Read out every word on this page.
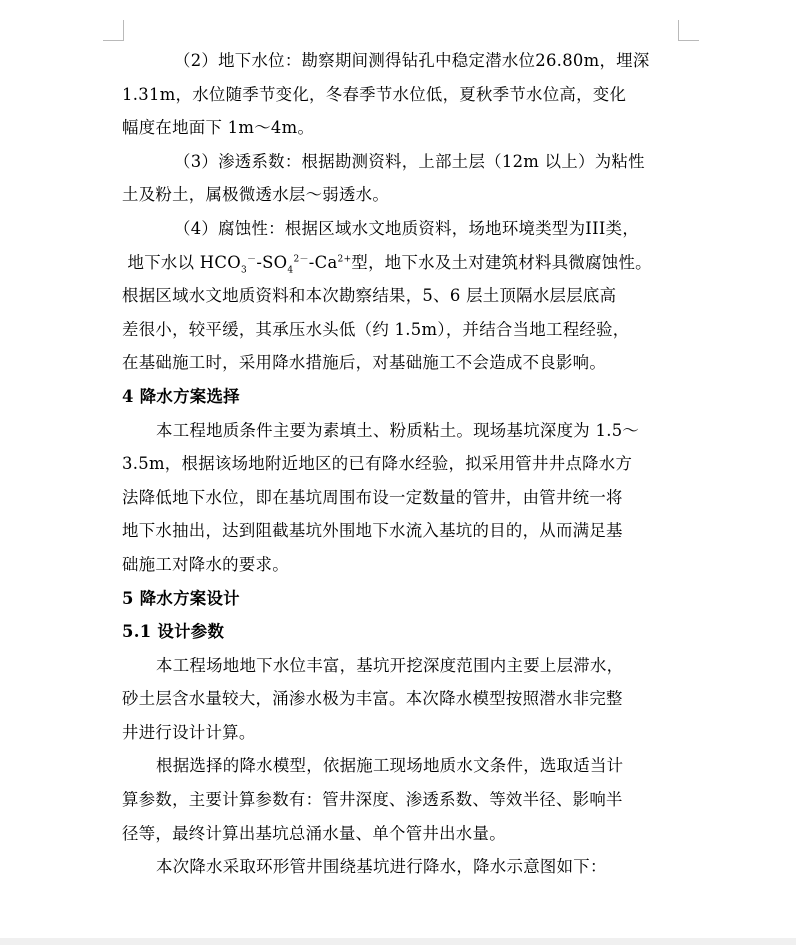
（2）地下水位：勘察期间测得钻孔中稳定潜水位26.80m，埋深

1.31m，水位随季节变化，冬春季节水位低，夏秋季节水位高，变化

幅度在地面下 1m～4m。

（3）渗透系数：根据勘测资料，上部土层（12m 以上）为粘性

土及粉土，属极微透水层～弱透水。

（4）腐蚀性：根据区域水文地质资料，场地环境类型为III类，

地下水以 $HCO_3^--SO_4^{2-}-Ca^{2+}$型，地下水及土对建筑材料具微腐蚀性。

根据区域水文地质资料和本次勘察结果，5、6 层土顶隔水层层底高

差很小，较平缓，其承压水头低（约 1.5m），并结合当地工程经验，

在基础施工时，采用降水措施后，对基础施工不会造成不良影响。

4 降水方案选择

本工程地质条件主要为素填土、粉质粘土。现场基坑深度为 1.5～

3.5m，根据该场地附近地区的已有降水经验，拟采用管井井点降水方

法降低地下水位，即在基坑周围布设一定数量的管井，由管井统一将

地下水抽出，达到阻截基坑外围地下水流入基坑的目的，从而满足基

础施工对降水的要求。

5 降水方案设计

5.1 设计参数

本工程场地地下水位丰富，基坑开挖深度范围内主要上层滞水，

砂土层含水量较大，涌渗水极为丰富。本次降水模型按照潜水非完整

井进行设计计算。

根据选择的降水模型，依据施工现场地质水文条件，选取适当计

算参数，主要计算参数有：管井深度、渗透系数、等效半径、影响半

径等，最终计算出基坑总涌水量、单个管井出水量。

本次降水采取环形管井围绕基坑进行降水，降水示意图如下：
